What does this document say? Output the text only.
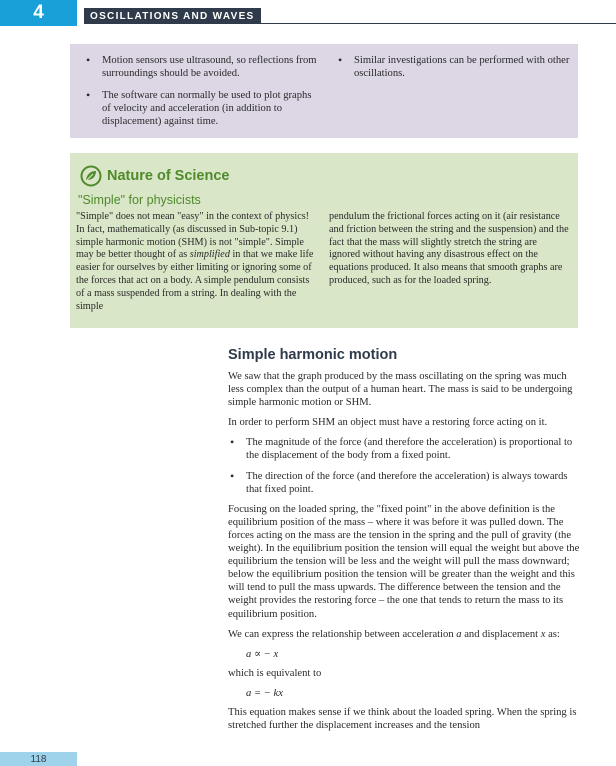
4	OSCILLATIONS AND WAVES
• Motion sensors use ultrasound, so reflections from surroundings should be avoided.
• The software can normally be used to plot graphs of velocity and acceleration (in addition to displacement) against time.
• Similar investigations can be performed with other oscillations.
Nature of Science
"Simple" for physicists
"Simple" does not mean "easy" in the context of physics! In fact, mathematically (as discussed in Sub-topic 9.1) simple harmonic motion (SHM) is not "simple". Simple may be better thought of as simplified in that we make life easier for ourselves by either limiting or ignoring some of the forces that act on a body. A simple pendulum consists of a mass suspended from a string. In dealing with the simple
pendulum the frictional forces acting on it (air resistance and friction between the string and the suspension) and the fact that the mass will slightly stretch the string are ignored without having any disastrous effect on the equations produced. It also means that smooth graphs are produced, such as for the loaded spring.
Simple harmonic motion

We saw that the graph produced by the mass oscillating on the spring was much less complex than the output of a human heart. The mass is said to be undergoing simple harmonic motion or SHM.

In order to perform SHM an object must have a restoring force acting on it.

• The magnitude of the force (and therefore the acceleration) is proportional to the displacement of the body from a fixed point.
• The direction of the force (and therefore the acceleration) is always towards that fixed point.

Focusing on the loaded spring, the "fixed point" in the above definition is the equilibrium position of the mass – where it was before it was pulled down. The forces acting on the mass are the tension in the spring and the pull of gravity (the weight). In the equilibrium position the tension will equal the weight but above the equilibrium the tension will be less and the weight will pull the mass downward; below the equilibrium position the tension will be greater than the weight and this will tend to pull the mass upwards. The difference between the tension and the weight provides the restoring force – the one that tends to return the mass to its equilibrium position.

We can express the relationship between acceleration a and displacement x as:

a ∝ − x

which is equivalent to

a = − kx

This equation makes sense if we think about the loaded spring. When the spring is stretched further the displacement increases and the tension

118
